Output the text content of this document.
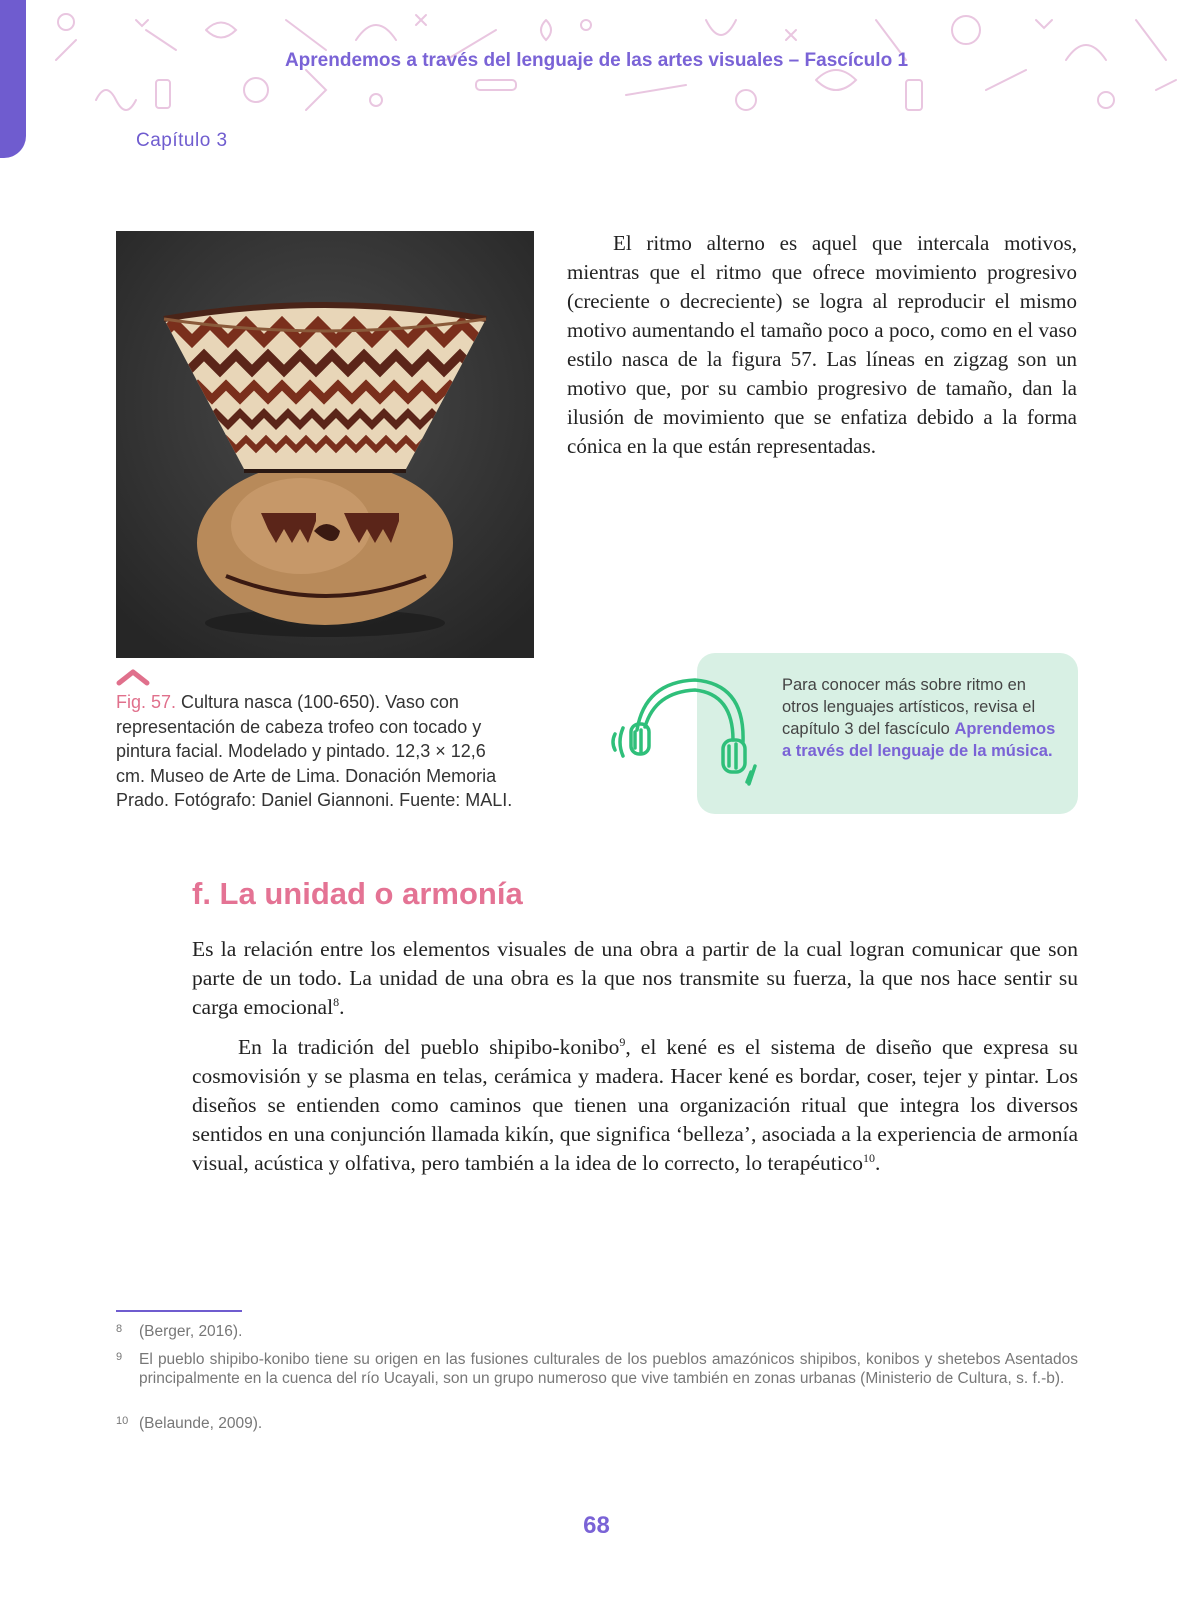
Aprendemos a través del lenguaje de las artes visuales – Fascículo 1
Capítulo 3
Fig. 57. Cultura nasca (100-650). Vaso con representación de cabeza trofeo con tocado y pintura facial. Modelado y pintado. 12,3 × 12,6 cm. Museo de Arte de Lima. Donación Memoria Prado. Fotógrafo: Daniel Giannoni. Fuente: MALI.

El ritmo alterno es aquel que intercala motivos, mientras que el ritmo que ofrece movimiento progresivo (creciente o decreciente) se logra al reproducir el mismo motivo aumentando el tamaño poco a poco, como en el vaso estilo nasca de la figura 57. Las líneas en zigzag son un motivo que, por su cambio progresivo de tamaño, dan la ilusión de movimiento que se enfatiza debido a la forma cónica en la que están representadas.

Para conocer más sobre ritmo en otros lenguajes artísticos, revisa el capítulo 3 del fascículo Aprendemos a través del lenguaje de la música.
f. La unidad o armonía

Es la relación entre los elementos visuales de una obra a partir de la cual logran comunicar que son parte de un todo. La unidad de una obra es la que nos transmite su fuerza, la que nos hace sentir su carga emocional$^8$.

En la tradición del pueblo shipibo-konibo$^9$, el kené es el sistema de diseño que expresa su cosmovisión y se plasma en telas, cerámica y madera. Hacer kené es bordar, coser, tejer y pintar. Los diseños se entienden como caminos que tienen una organización ritual que integra los diversos sentidos en una conjunción llamada kikín, que significa ‘belleza’, asociada a la experiencia de armonía visual, acústica y olfativa, pero también a la idea de lo correcto, lo terapéutico$^{10}$.

8 (Berger, 2016).
9 El pueblo shipibo-konibo tiene su origen en las fusiones culturales de los pueblos amazónicos shipibos, konibos y shetebos Asentados principalmente en la cuenca del río Ucayali, son un grupo numeroso que vive también en zonas urbanas (Ministerio de Cultura, s. f.-b).
10 (Belaunde, 2009).
68
